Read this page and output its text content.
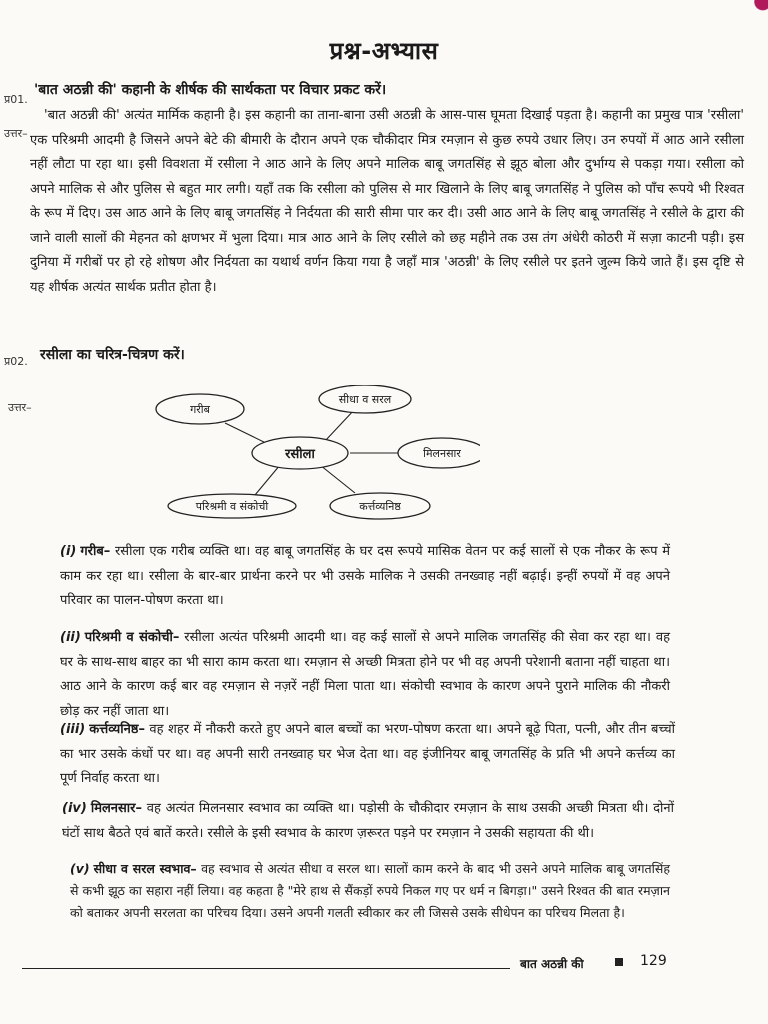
प्रश्न-अभ्यास
प्र01.
'बात अठन्नी की' कहानी के शीर्षक की सार्थकता पर विचार प्रकट करें।
उत्तर–
'बात अठन्नी की' अत्यंत मार्मिक कहानी है। इस कहानी का ताना-बाना उसी अठन्नी के आस-पास घूमता दिखाई पड़ता है। कहानी का प्रमुख पात्र 'रसीला' एक परिश्रमी आदमी है जिसने अपने बेटे की बीमारी के दौरान अपने एक चौकीदार मित्र रमज़ान से कुछ रुपये उधार लिए। उन रुपयों में आठ आने रसीला नहीं लौटा पा रहा था। इसी विवशता में रसीला ने आठ आने के लिए अपने मालिक बाबू जगतसिंह से झूठ बोला और दुर्भाग्य से पकड़ा गया। रसीला को अपने मालिक से और पुलिस से बहुत मार लगी। यहाँ तक कि रसीला को पुलिस से मार खिलाने के लिए बाबू जगतसिंह ने पुलिस को पाँच रूपये भी रिश्वत के रूप में दिए। उस आठ आने के लिए बाबू जगतसिंह ने निर्दयता की सारी सीमा पार कर दी। उसी आठ आने के लिए बाबू जगतसिंह ने रसीले के द्वारा की जाने वाली सालों की मेहनत को क्षणभर में भुला दिया। मात्र आठ आने के लिए रसीले को छह महीने तक उस तंग अंधेरी कोठरी में सज़ा काटनी पड़ी। इस दुनिया में गरीबों पर हो रहे शोषण और निर्दयता का यथार्थ वर्णन किया गया है जहाँ मात्र 'अठन्नी' के लिए रसीले पर इतने जुल्म किये जाते हैं। इस दृष्टि से यह शीर्षक अत्यंत सार्थक प्रतीत होता है।
प्र02. रसीला का चरित्र-चित्रण करें।
उत्तर–	गरीब
सीधा व सरल
रसीला	मिलनसार
कर्त्तव्यनिष्ठ
परिश्रमी व संकोची
(i) गरीब– रसीला एक गरीब व्यक्ति था। वह बाबू जगतसिंह के घर दस रूपये मासिक वेतन पर कई सालों से एक नौकर के रूप में काम कर रहा था। रसीला के बार-बार प्रार्थना करने पर भी उसके मालिक ने उसकी तनख्वाह नहीं बढ़ाई। इन्हीं रुपयों में वह अपने परिवार का पालन-पोषण करता था।
(ii) परिश्रमी व संकोची– रसीला अत्यंत परिश्रमी आदमी था। वह कई सालों से अपने मालिक जगतसिंह की सेवा कर रहा था। वह घर के साथ-साथ बाहर का भी सारा काम करता था। रमज़ान से अच्छी मित्रता होने पर भी वह अपनी परेशानी बताना नहीं चाहता था। आठ आने के कारण कई बार वह रमज़ान से नज़रें नहीं मिला पाता था। संकोची स्वभाव के कारण अपने पुराने मालिक की नौकरी छोड़ कर नहीं जाता था।
(iii) कर्त्तव्यनिष्ठ– वह शहर में नौकरी करते हुए अपने बाल बच्चों का भरण-पोषण करता था। अपने बूढ़े पिता, पत्नी, और तीन बच्चों का भार उसके कंधों पर था। वह अपनी सारी तनख्वाह घर भेज देता था। वह इंजीनियर बाबू जगतसिंह के प्रति भी अपने कर्त्तव्य का पूर्ण निर्वाह करता था।
(iv) मिलनसार– वह अत्यंत मिलनसार स्वभाव का व्यक्ति था। पड़ोसी के चौकीदार रमज़ान के साथ उसकी अच्छी मित्रता थी। दोनों घंटों साथ बैठते एवं बातें करते। रसीले के इसी स्वभाव के कारण ज़रूरत पड़ने पर रमज़ान ने उसकी सहायता की थी।
(v) सीधा व सरल स्वभाव– वह स्वभाव से अत्यंत सीधा व सरल था। सालों काम करने के बाद भी उसने अपने मालिक बाबू जगतसिंह से कभी झूठ का सहारा नहीं लिया। वह कहता है "मेरे हाथ से सैंकड़ों रुपये निकल गए पर धर्म न बिगड़ा।" उसने रिश्वत की बात रमज़ान को बताकर अपनी सरलता का परिचय दिया। उसने अपनी गलती स्वीकार कर ली जिससे उसके सीधेपन का परिचय मिलता है।
बात अठन्नी की	129
